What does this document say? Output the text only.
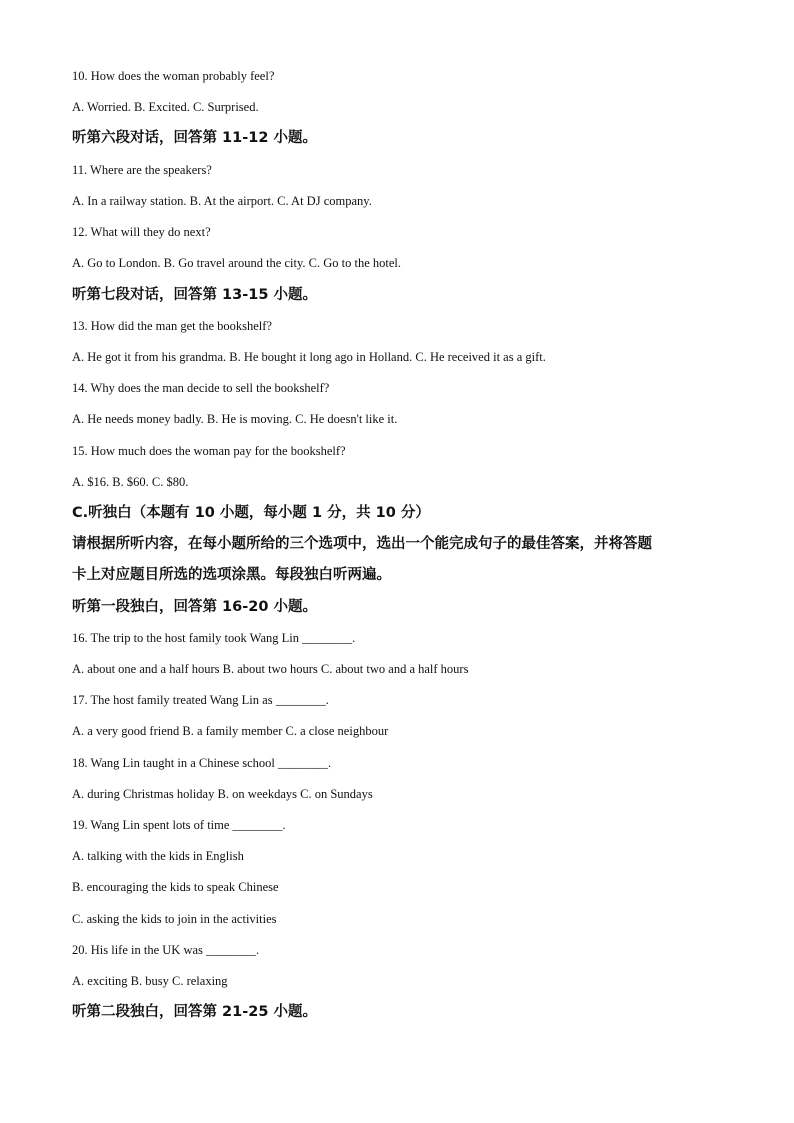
10. How does the woman probably feel?
A. Worried. B. Excited. C. Surprised.
听第六段对话，回答第 11-12 小题。
11. Where are the speakers?
A. In a railway station. B. At the airport. C. At DJ company.
12. What will they do next?
A. Go to London. B. Go travel around the city. C. Go to the hotel.
听第七段对话，回答第 13-15 小题。
13. How did the man get the bookshelf?
A. He got it from his grandma. B. He bought it long ago in Holland. C. He received it as a gift.
14. Why does the man decide to sell the bookshelf?
A. He needs money badly. B. He is moving. C. He doesn't like it.
15. How much does the woman pay for the bookshelf?
A. $16. B. $60. C. $80.
C.听独白（本题有 10 小题，每小题 1 分，共 10 分）
请根据所听内容，在每小题所给的三个选项中，选出一个能完成句子的最佳答案，并将答题
卡上对应题目所选的选项涂黑。每段独白听两遍。
听第一段独白，回答第 16-20 小题。
16. The trip to the host family took Wang Lin ________.
A. about one and a half hours B. about two hours C. about two and a half hours
17. The host family treated Wang Lin as ________.
A. a very good friend B. a family member C. a close neighbour
18. Wang Lin taught in a Chinese school ________.
A. during Christmas holiday B. on weekdays C. on Sundays
19. Wang Lin spent lots of time ________.
A. talking with the kids in English
B. encouraging the kids to speak Chinese
C. asking the kids to join in the activities
20. His life in the UK was ________.
A. exciting B. busy C. relaxing
听第二段独白，回答第 21-25 小题。
